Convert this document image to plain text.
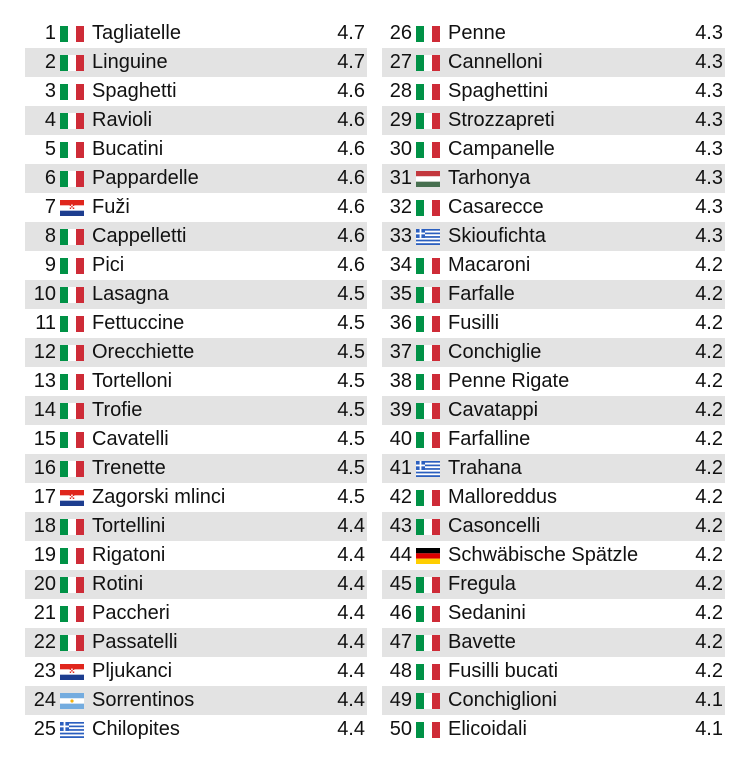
1 Tagliatelle	4.7
2 Linguine	4.7
3 Spaghetti	4.6
4 Ravioli	4.6
5 Bucatini	4.6
6 Pappardelle	4.6
7 Fuži	4.6
8 Cappelletti	4.6
9 Pici	4.6
10 Lasagna	4.5
11 Fettuccine	4.5
12 Orecchiette	4.5
13 Tortelloni	4.5
14 Trofie	4.5
15 Cavatelli	4.5
16 Trenette	4.5
17 Zagorski mlinci	4.5
18 Tortellini	4.4
19 Rigatoni	4.4
20 Rotini	4.4
21 Paccheri	4.4
22 Passatelli	4.4
23 Pljukanci	4.4
24 Sorrentinos	4.4
25 Chilopites	4.4
26 Penne	4.3
27 Cannelloni	4.3
28 Spaghettini	4.3
29 Strozzapreti	4.3
30 Campanelle	4.3
31 Tarhonya	4.3
32 Casarecce	4.3
33 Skioufichta	4.3
34 Macaroni	4.2
35 Farfalle	4.2
36 Fusilli	4.2
37 Conchiglie	4.2
38 Penne Rigate	4.2
39 Cavatappi	4.2
40 Farfalline	4.2
41 Trahana	4.2
42 Malloreddus	4.2
43 Casoncelli	4.2
44 Schwäbische Spätzle	4.2
45 Fregula	4.2
46 Sedanini	4.2
47 Bavette	4.2
48 Fusilli bucati	4.2
49 Conchiglioni	4.1
50 Elicoidali	4.1
